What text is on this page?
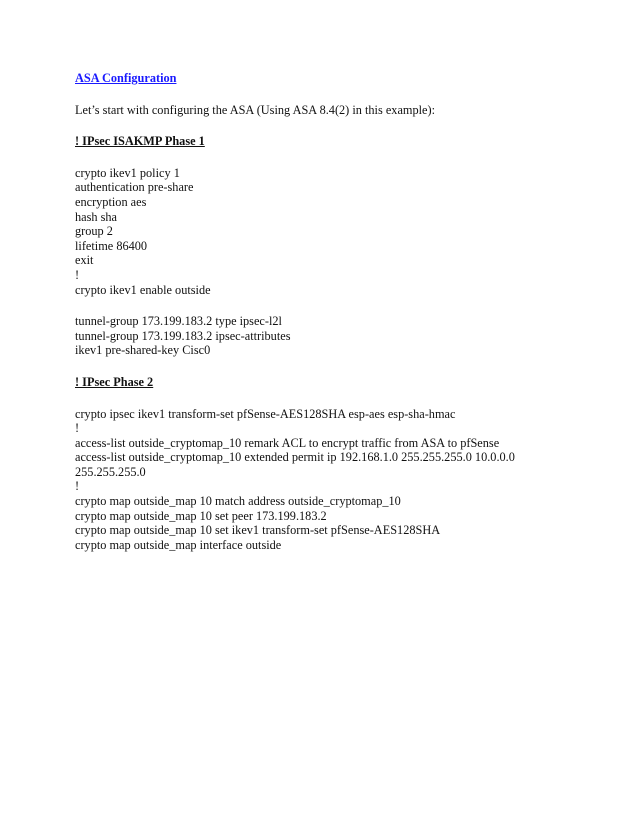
ASA Configuration

Let’s start with configuring the ASA (Using ASA 8.4(2) in this example):

! IPsec ISAKMP Phase 1

crypto ikev1 policy 1
authentication pre-share
encryption aes
hash sha
group 2
lifetime 86400
exit
!
crypto ikev1 enable outside
tunnel-group 173.199.183.2 type ipsec-l2l
tunnel-group 173.199.183.2 ipsec-attributes
ikev1 pre-shared-key Cisc0

! IPsec Phase 2

crypto ipsec ikev1 transform-set pfSense-AES128SHA esp-aes esp-sha-hmac
!
access-list outside_cryptomap_10 remark ACL to encrypt traffic from ASA to pfSense
access-list outside_cryptomap_10 extended permit ip 192.168.1.0 255.255.255.0 10.0.0.0
255.255.255.0
!
crypto map outside_map 10 match address outside_cryptomap_10
crypto map outside_map 10 set peer 173.199.183.2
crypto map outside_map 10 set ikev1 transform-set pfSense-AES128SHA
crypto map outside_map interface outside
